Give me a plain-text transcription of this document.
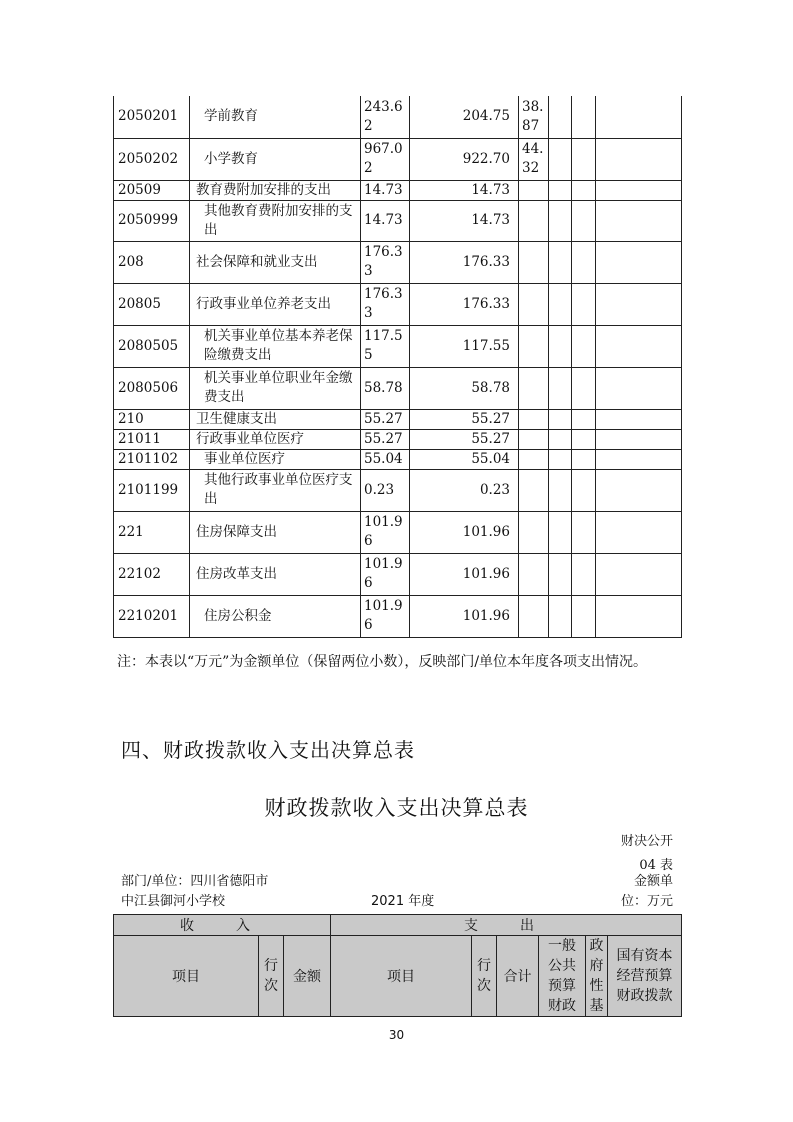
2050201	学前教育	243.62	204.75	38.87			
2050202	小学教育	967.02	922.70	44.32			
20509	教育费附加安排的支出	14.73	14.73				
2050999	其他教育费附加安排的支出	14.73	14.73				
208	社会保障和就业支出	176.33	176.33				
20805	行政事业单位养老支出	176.33	176.33				
2080505	机关事业单位基本养老保险缴费支出	117.55	117.55				
2080506	机关事业单位职业年金缴费支出	58.78	58.78				
210	卫生健康支出	55.27	55.27				
21011	行政事业单位医疗	55.27	55.27				
2101102	事业单位医疗	55.04	55.04				
2101199	其他行政事业单位医疗支出	0.23	0.23				
221	住房保障支出	101.96	101.96				
22102	住房改革支出	101.96	101.96				
2210201	住房公积金	101.96	101.96				
注：本表以“万元”为金额单位（保留两位小数），反映部门/单位本年度各项支出情况。
四、财政拨款收入支出决算总表
财政拨款收入支出决算总表
财决公开
04 表
部门/单位：四川省德阳市
中江县御河小学校	2021 年度
金额单
位：万元
收　入			支　出					
项目	行次	金额	项目	行次	合计	一般公共预算财政	政府性基	国有资本经营预算财政拨款
30
